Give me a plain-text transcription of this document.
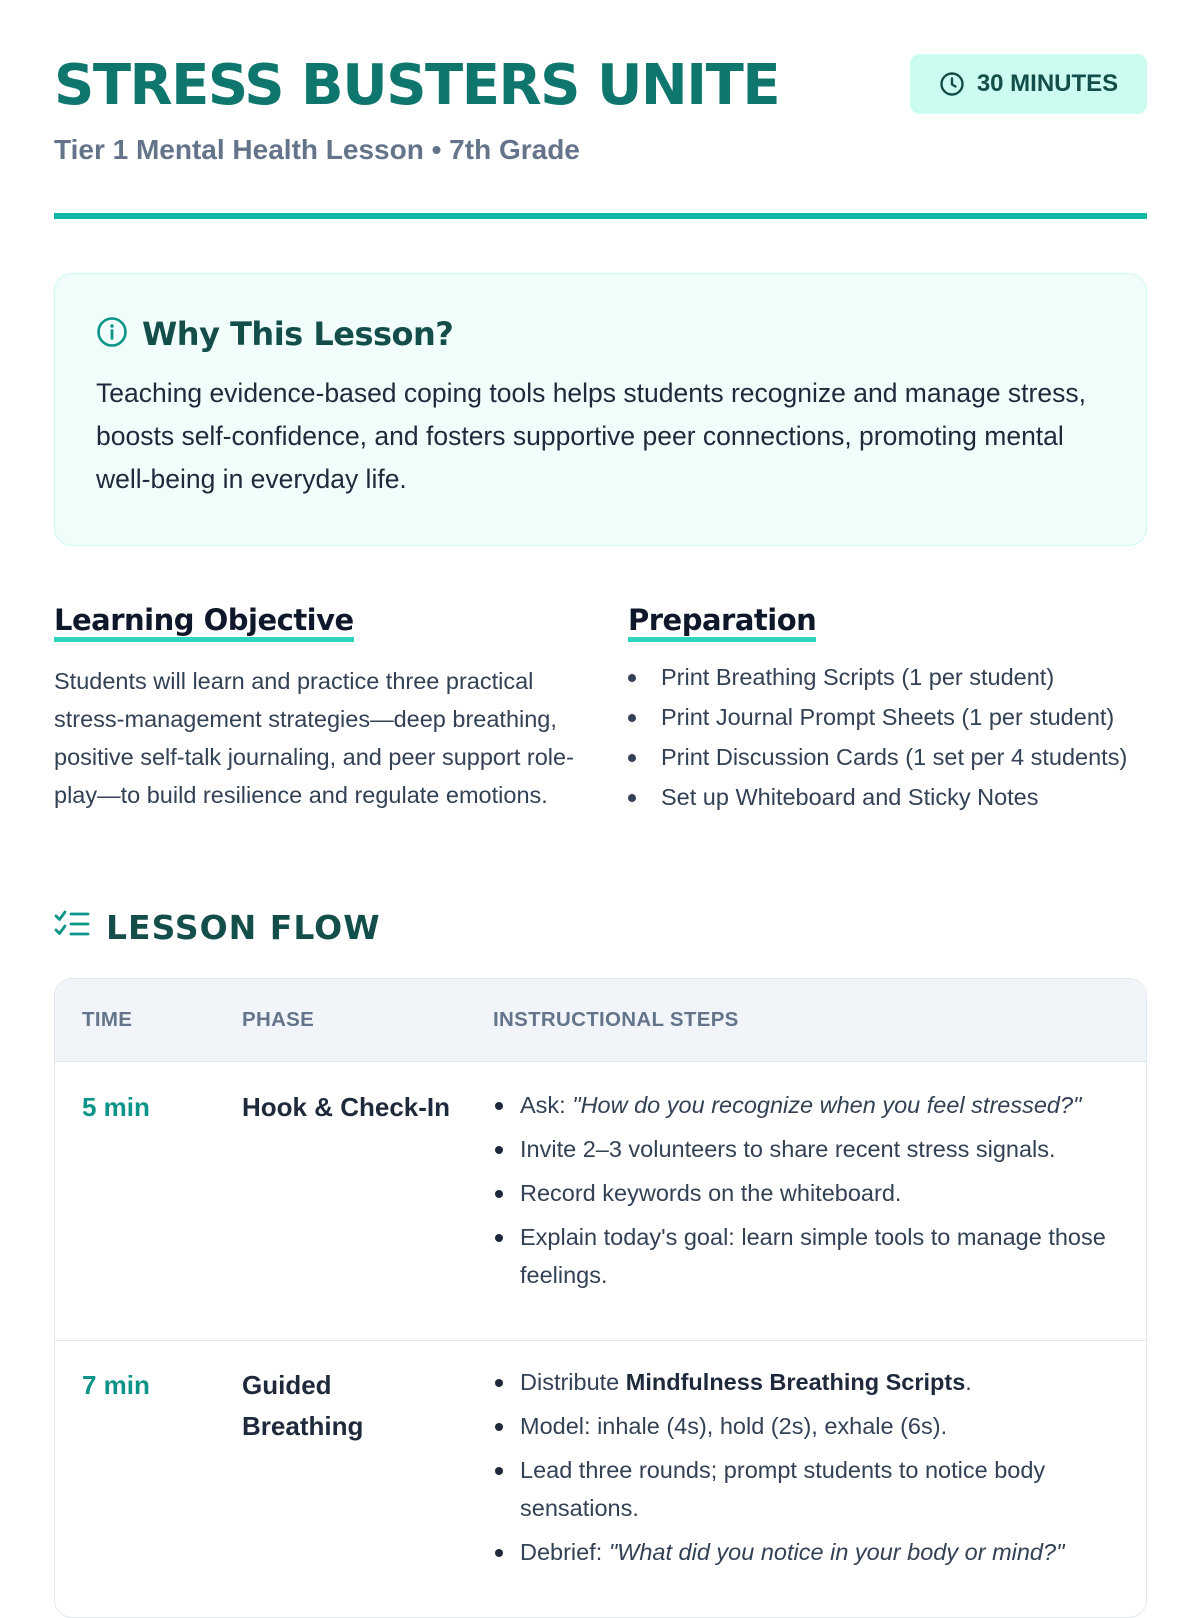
STRESS BUSTERS UNITE
Tier 1 Mental Health Lesson • 7th Grade
30 MINUTES
Why This Lesson?
Teaching evidence-based coping tools helps students recognize and manage stress, boosts self-confidence, and fosters supportive peer connections, promoting mental well-being in everyday life.
Learning Objective
Students will learn and practice three practical stress-management strategies—deep breathing, positive self-talk journaling, and peer support role-play—to build resilience and regulate emotions.
Preparation
Print Breathing Scripts (1 per student)
Print Journal Prompt Sheets (1 per student)
Print Discussion Cards (1 set per 4 students)
Set up Whiteboard and Sticky Notes
LESSON FLOW
TIME	PHASE	INSTRUCTIONAL STEPS
5 min	Hook & Check-In	Ask: "How do you recognize when you feel stressed?"
Invite 2–3 volunteers to share recent stress signals.
Record keywords on the whiteboard.
Explain today's goal: learn simple tools to manage those feelings.
7 min	Guided Breathing
Distribute Mindfulness Breathing Scripts.
Model: inhale (4s), hold (2s), exhale (6s).
Lead three rounds; prompt students to notice body sensations.
Debrief: "What did you notice in your body or mind?"
